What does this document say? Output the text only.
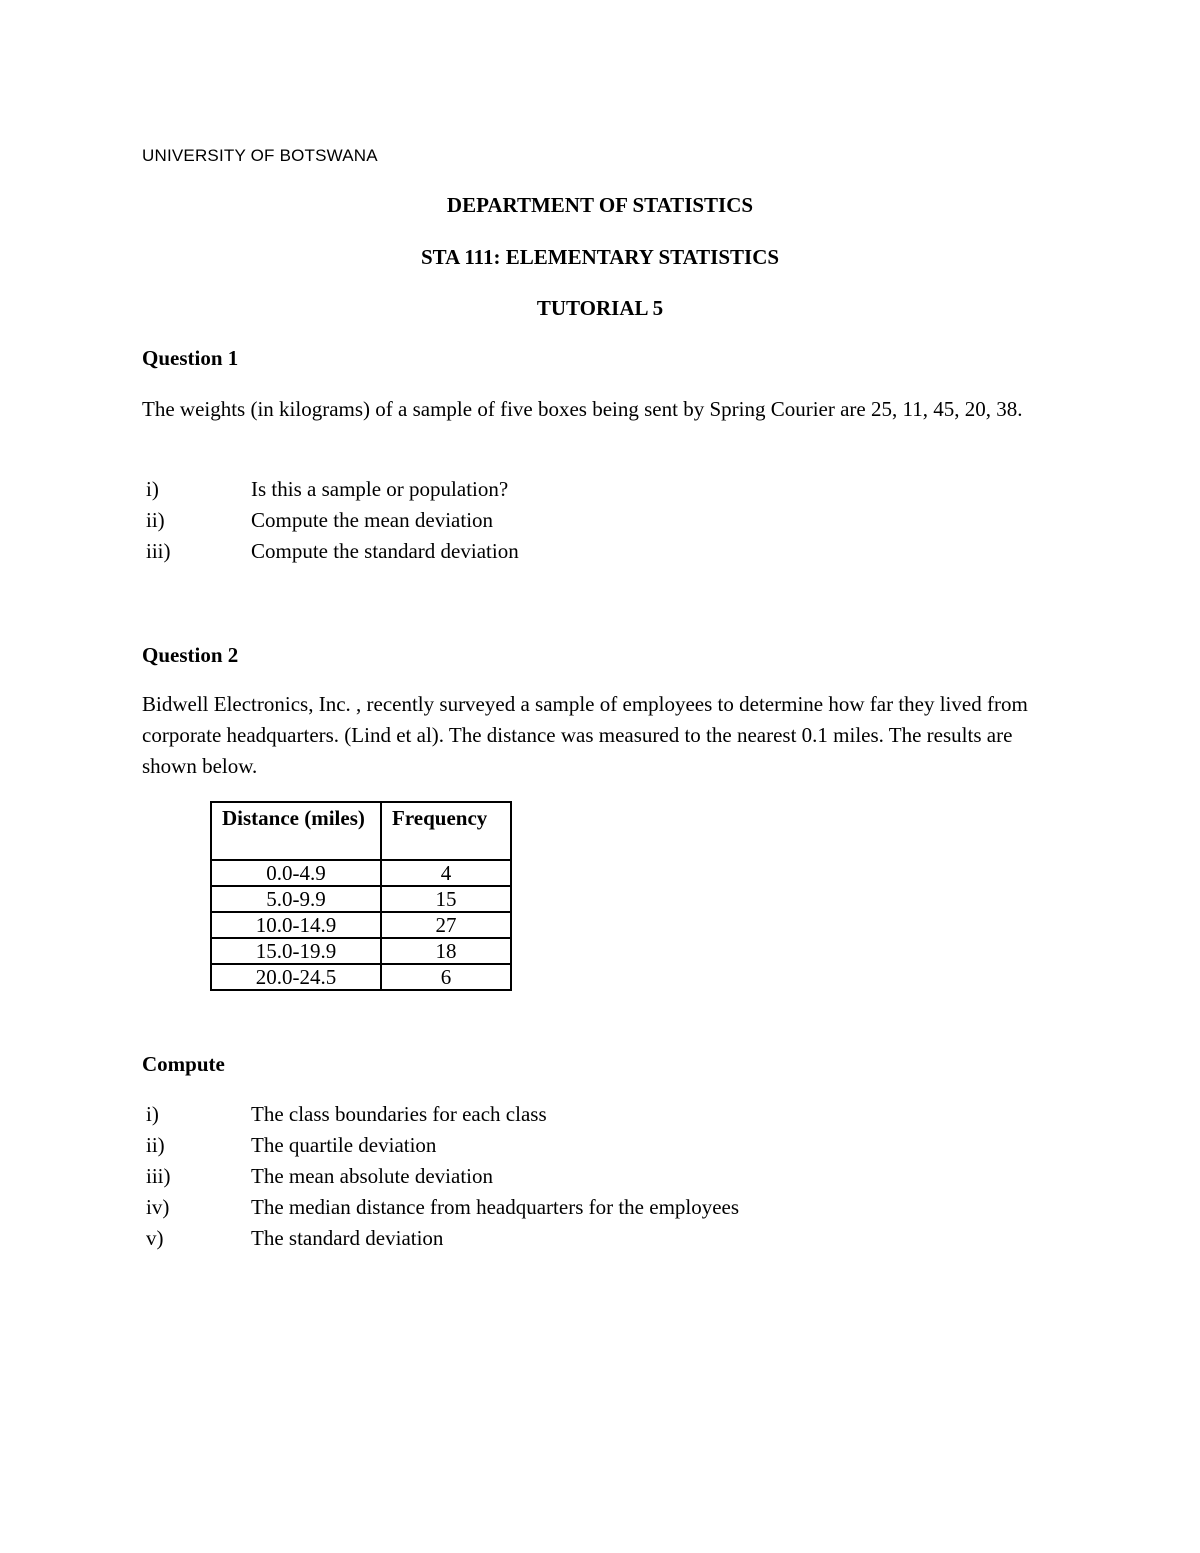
UNIVERSITY OF BOTSWANA

DEPARTMENT OF STATISTICS

STA 111: ELEMENTARY STATISTICS

TUTORIAL 5

Question 1

The weights (in kilograms) of a sample of five boxes being sent by Spring Courier are 25, 11, 45, 20, 38.

i)	Is this a sample or population?
ii)	Compute the mean deviation
iii)	Compute the standard deviation

Question 2

Bidwell Electronics, Inc. , recently surveyed a sample of employees to determine how far they lived from corporate headquarters. (Lind et al). The distance was measured to the nearest 0.1 miles. The results are shown below.

Distance (miles)	Frequency
0.0-4.9	4
5.0-9.9	15
10.0-14.9	27
15.0-19.9	18
20.0-24.5	6

Compute

i)	The class boundaries for each class
ii)	The quartile deviation
iii)	The mean absolute deviation
iv)	The median distance from headquarters for the employees
v)	The standard deviation
